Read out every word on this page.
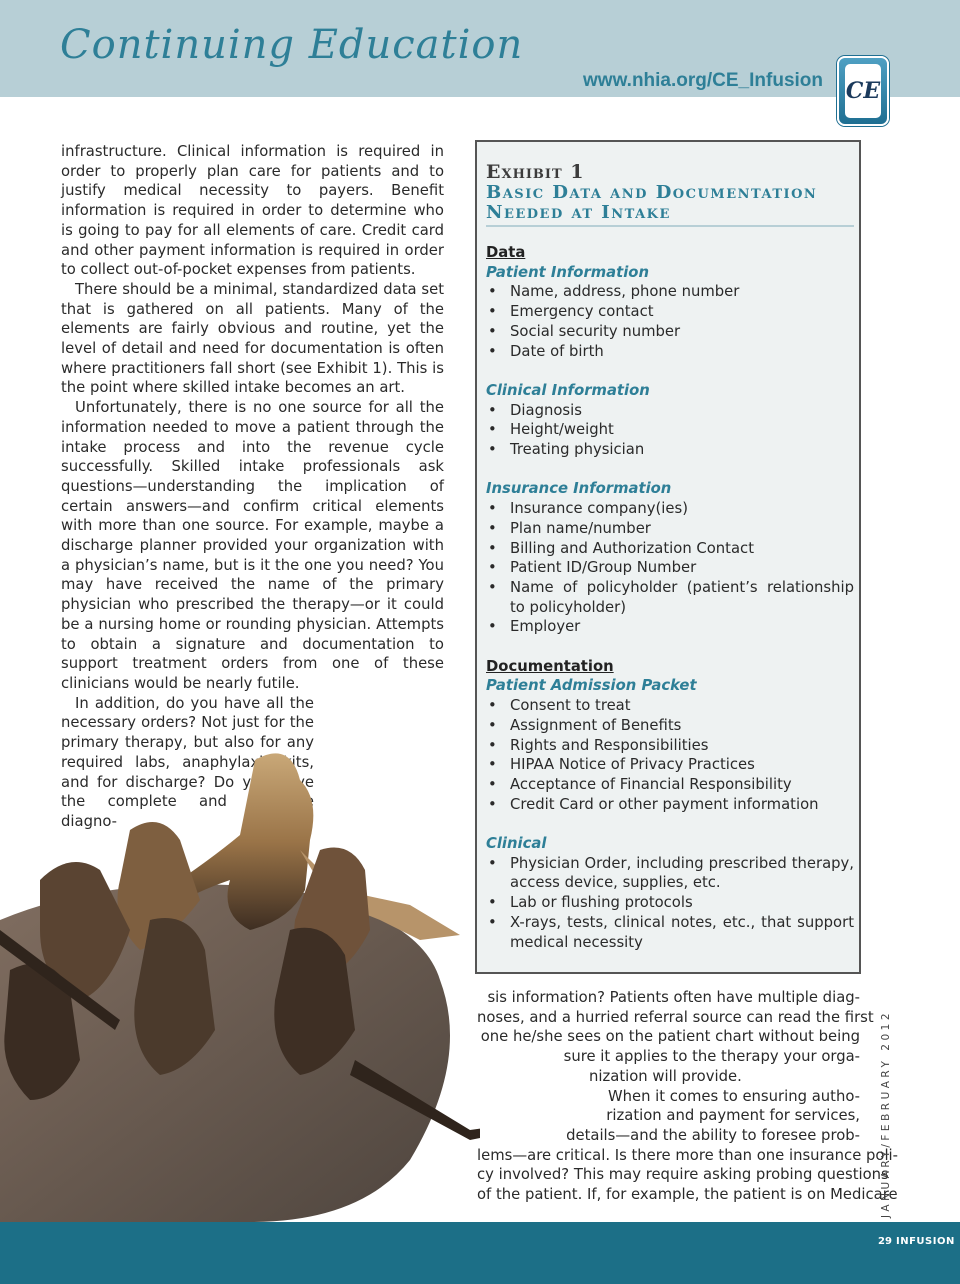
Continuing Education
www.nhia.org/CE_Infusion CE

infrastructure. Clinical information is required in order to properly plan care for patients and to justify medical necessity to payers. Benefit information is required in order to determine who is going to pay for all elements of care. Credit card and other payment information is required in order to collect out-of-pocket expenses from patients.

There should be a minimal, standardized data set that is gathered on all patients. Many of the elements are fairly obvious and routine, yet the level of detail and need for documentation is often where practitioners fall short (see Exhibit 1). This is the point where skilled intake becomes an art.

Unfortunately, there is no one source for all the information needed to move a patient through the intake process and into the revenue cycle successfully. Skilled intake professionals ask questions—understanding the implication of certain answers—and confirm critical elements with more than one source. For example, maybe a discharge planner provided your organization with a physician’s name, but is it the one you need? You may have received the name of the primary physician who prescribed the therapy—or it could be a nursing home or rounding physician. Attempts to obtain a signature and documentation to support treatment orders from one of these clinicians would be nearly futile.

In addition, do you have all the necessary orders? Not just for the primary therapy, but also for any required labs, anaphylaxis kits, and for discharge? Do you have the complete and accurate diagno-

Exhibit 1
Basic Data and Documentation
Needed at Intake
Data
Patient Information
• Name, address, phone number
• Emergency contact
• Social security number
• Date of birth
Clinical Information
• Diagnosis
• Height/weight
• Treating physician
Insurance Information
• Insurance company(ies)
• Plan name/number
• Billing and Authorization Contact
• Patient ID/Group Number
• Name of policyholder (patient’s relationship to policyholder)
• Employer
Documentation
Patient Admission Packet
• Consent to treat
• Assignment of Benefits
• Rights and Responsibilities
• HIPAA Notice of Privacy Practices
• Acceptance of Financial Responsibility
• Credit Card or other payment information
Clinical
• Physician Order, including prescribed therapy, access device, supplies, etc.
• Lab or flushing protocols
• X-rays, tests, clinical notes, etc., that support medical necessity
sis information? Patients often have multiple diag-
noses, and a hurried referral source can read the first
one he/she sees on the patient chart without being
sure it applies to the therapy your orga-
nization will provide.
When it comes to ensuring autho-
rization and payment for services,
details—and the ability to foresee prob-
lems—are critical. Is there more than one insurance poli-
cy involved? This may require asking probing questions
of the patient. If, for example, the patient is on Medicare
JANUARY/FEBRUARY 2012
29 INFUSION
